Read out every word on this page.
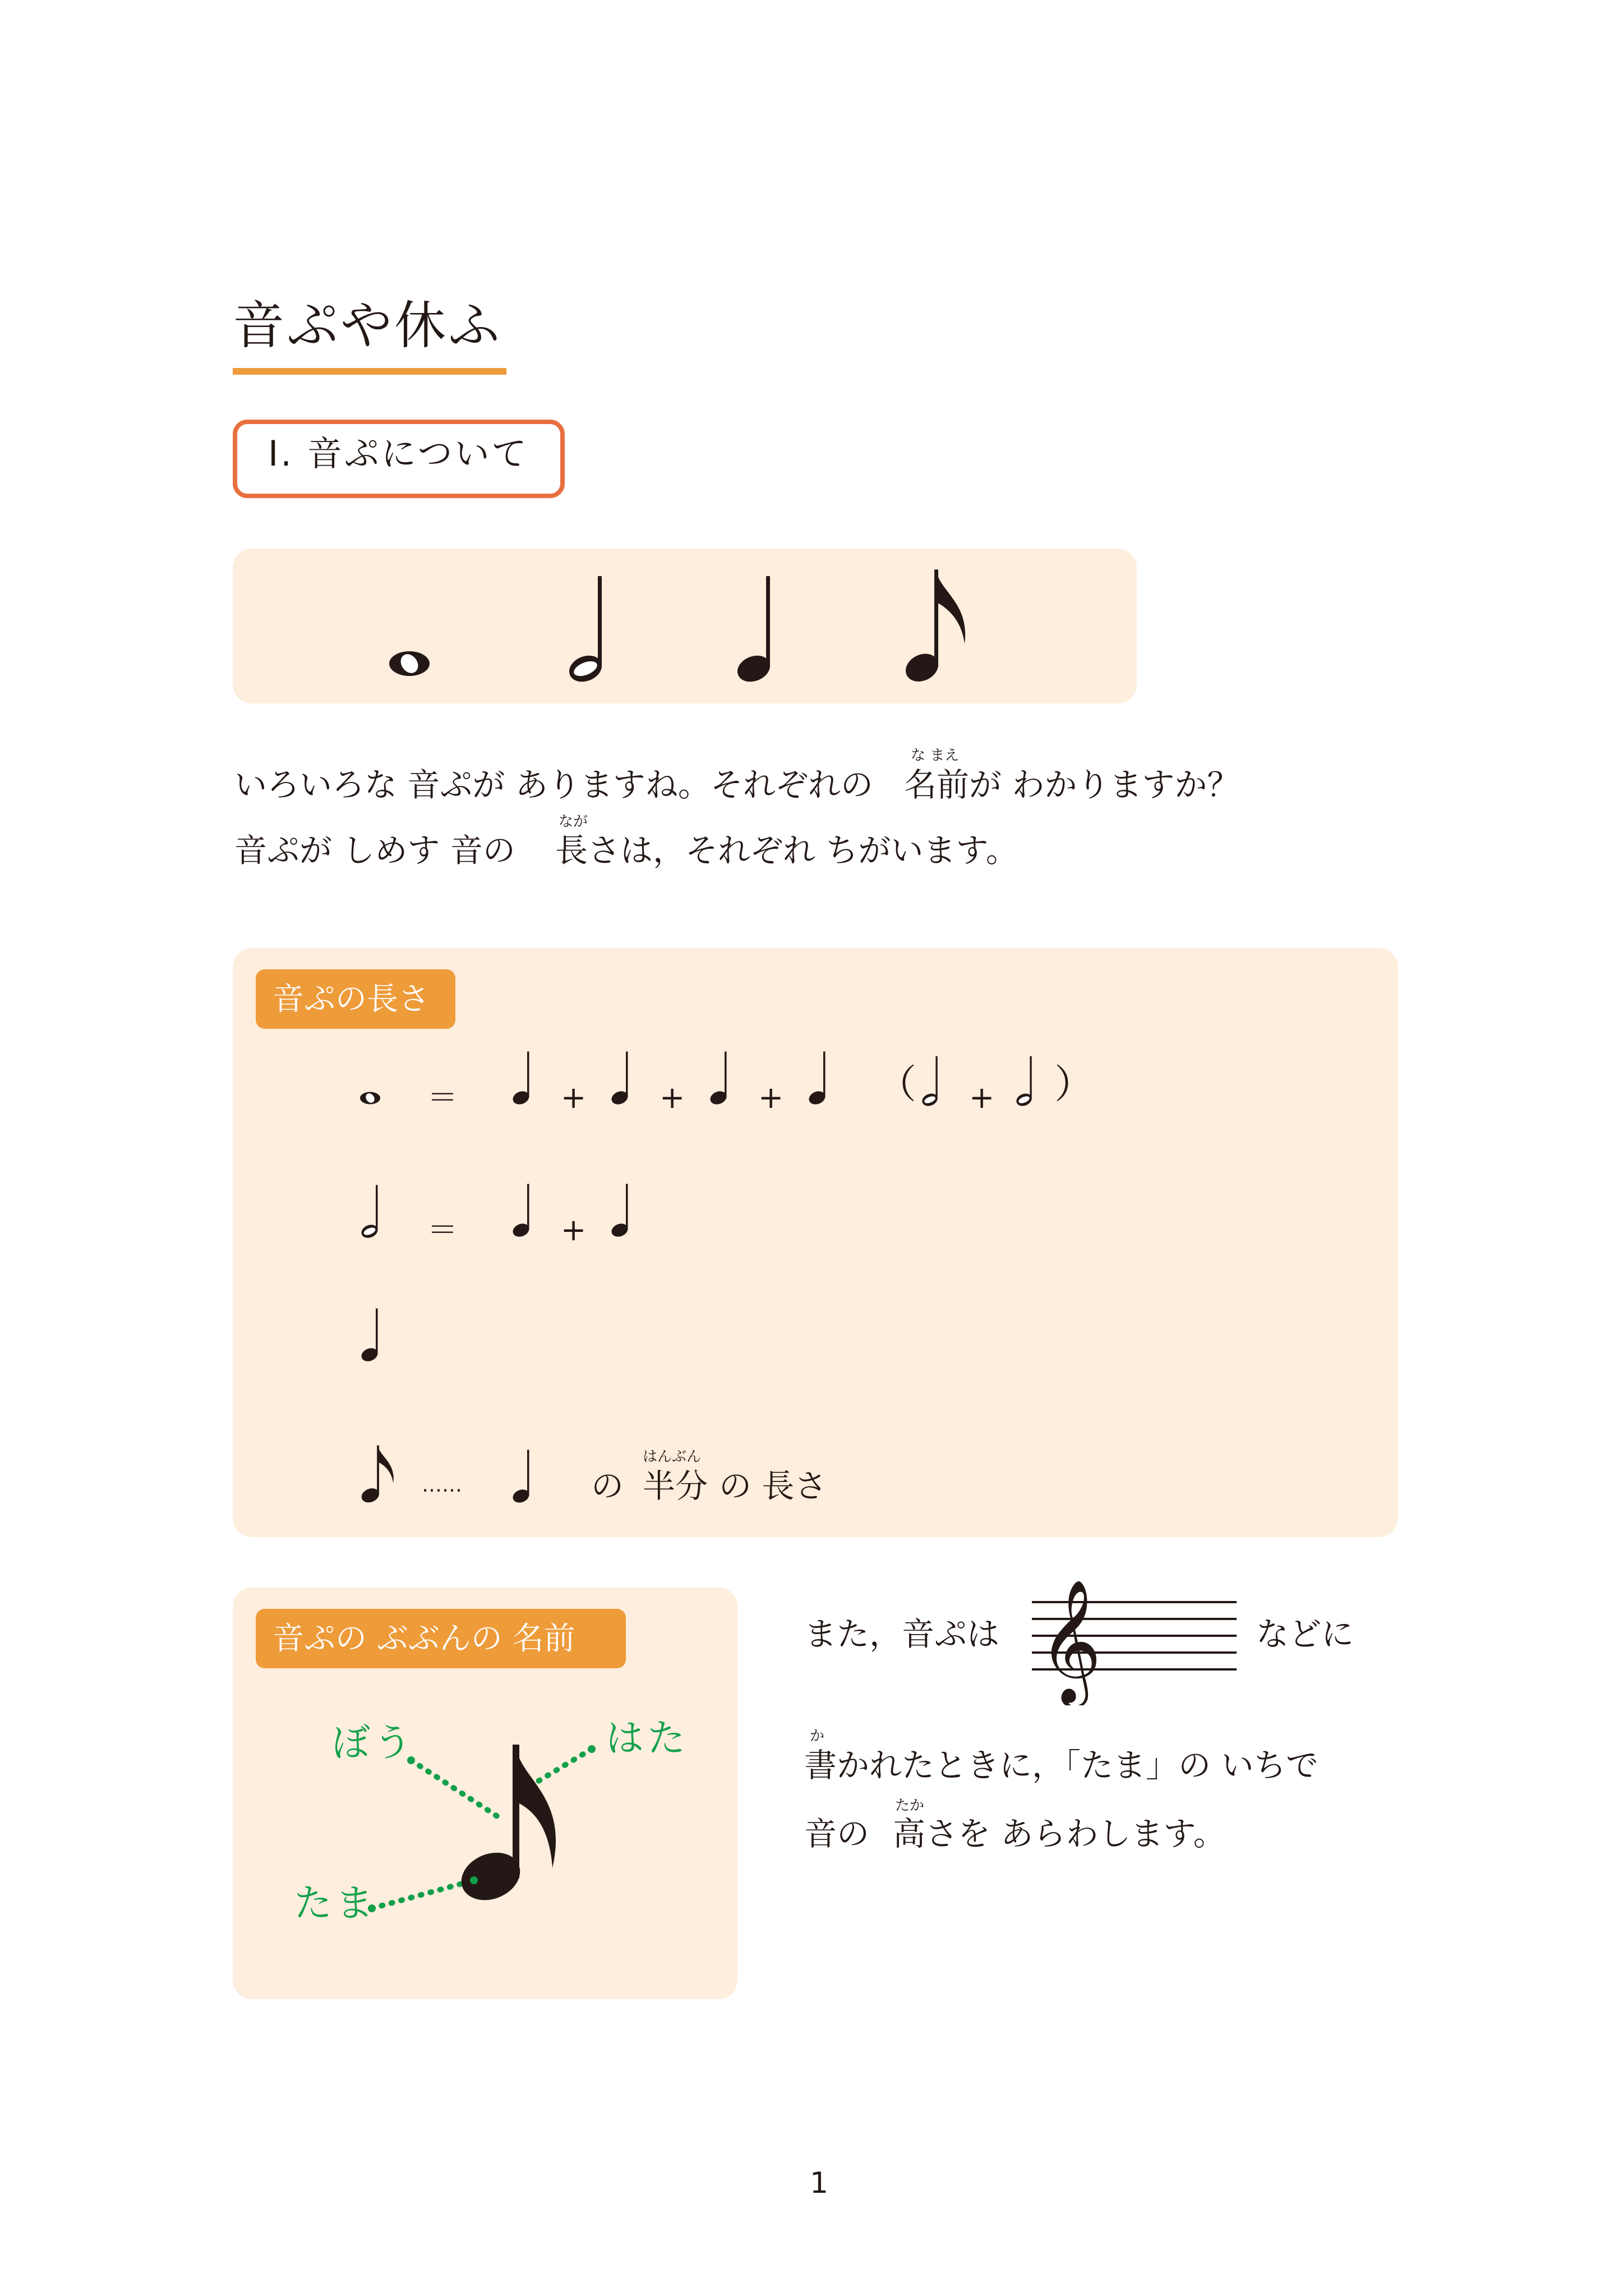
音ぷや休ふ
I. 音ぷについて
いろいろな 音ぷが ありますね。それぞれの
な まえ
名前 が わかりますか？
音ぷが しめす 音の
なが
長 さは，それぞれ ちがいます。
音ぷの長さ
＝	+ + + （ + ）
＝	+
……	の
はんぶん
半分 の 長さ
音ぷの ぶぶんの 名前
ぼう	はた
たま
また，音ぷは 𝄞	などに
か
書 かれたときに，「たま」の いちで
音の
たか
高 さを あらわします。
1
